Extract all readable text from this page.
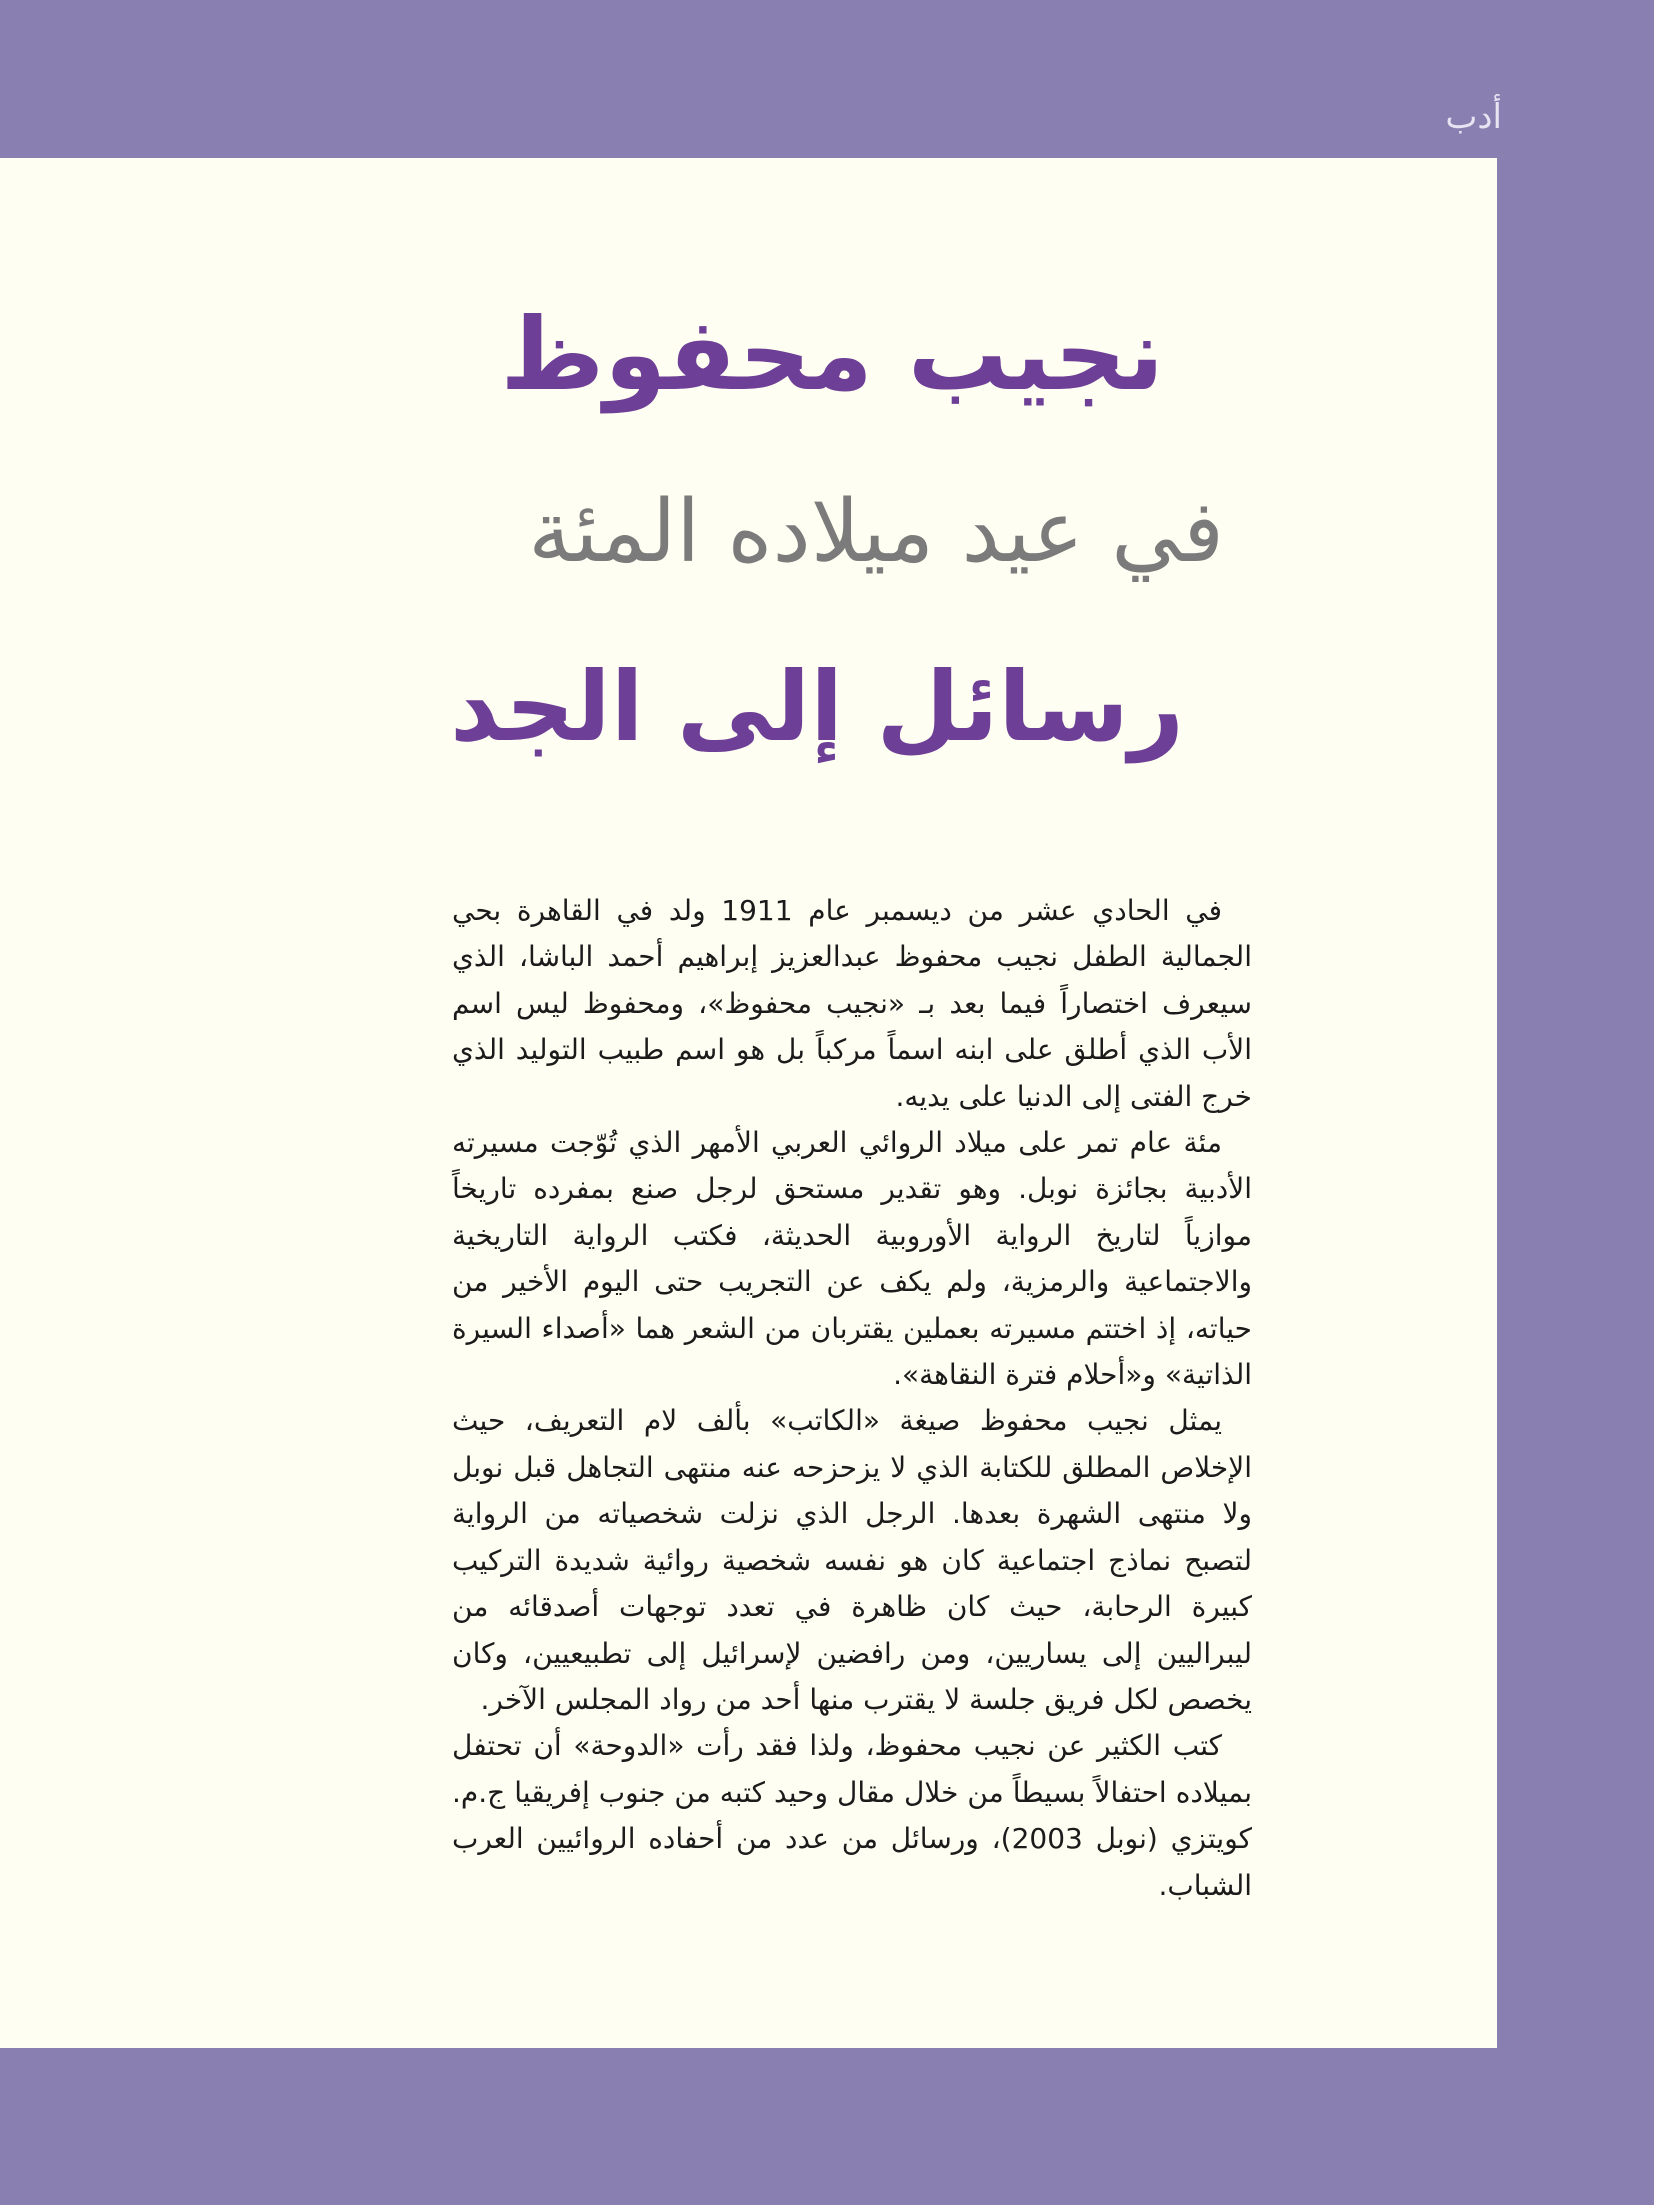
أدب
نجيب محفوظ
في عيد ميلاده المئة
رسائل إلى الجد

في الحادي عشر من ديسمبر عام 1911 ولد في القاهرة بحي الجمالية الطفل نجيب محفوظ عبدالعزيز إبراهيم أحمد الباشا، الذي سيعرف اختصاراً فيما بعد بـ «نجيب محفوظ»، ومحفوظ ليس اسم الأب الذي أطلق على ابنه اسماً مركباً بل هو اسم طبيب التوليد الذي خرج الفتى إلى الدنيا على يديه.

مئة عام تمر على ميلاد الروائي العربي الأمهر الذي تُوّجت مسيرته الأدبية بجائزة نوبل. وهو تقدير مستحق لرجل صنع بمفرده تاريخاً موازياً لتاريخ الرواية الأوروبية الحديثة، فكتب الرواية التاريخية والاجتماعية والرمزية، ولم يكف عن التجريب حتى اليوم الأخير من حياته، إذ اختتم مسيرته بعملين يقتربان من الشعر هما «أصداء السيرة الذاتية» و«أحلام فترة النقاهة».

يمثل نجيب محفوظ صيغة «الكاتب» بألف لام التعريف، حيث الإخلاص المطلق للكتابة الذي لا يزحزحه عنه منتهى التجاهل قبل نوبل ولا منتهى الشهرة بعدها. الرجل الذي نزلت شخصياته من الرواية لتصبح نماذج اجتماعية كان هو نفسه شخصية روائية شديدة التركيب كبيرة الرحابة، حيث كان ظاهرة في تعدد توجهات أصدقائه من ليبراليين إلى يساريين، ومن رافضين لإسرائيل إلى تطبيعيين، وكان يخصص لكل فريق جلسة لا يقترب منها أحد من رواد المجلس الآخر.

كتب الكثير عن نجيب محفوظ، ولذا فقد رأت «الدوحة» أن تحتفل بميلاده احتفالاً بسيطاً من خلال مقال وحيد كتبه من جنوب إفريقيا ج.م. كويتزي (نوبل 2003)، ورسائل من عدد من أحفاده الروائيين العرب الشباب.
